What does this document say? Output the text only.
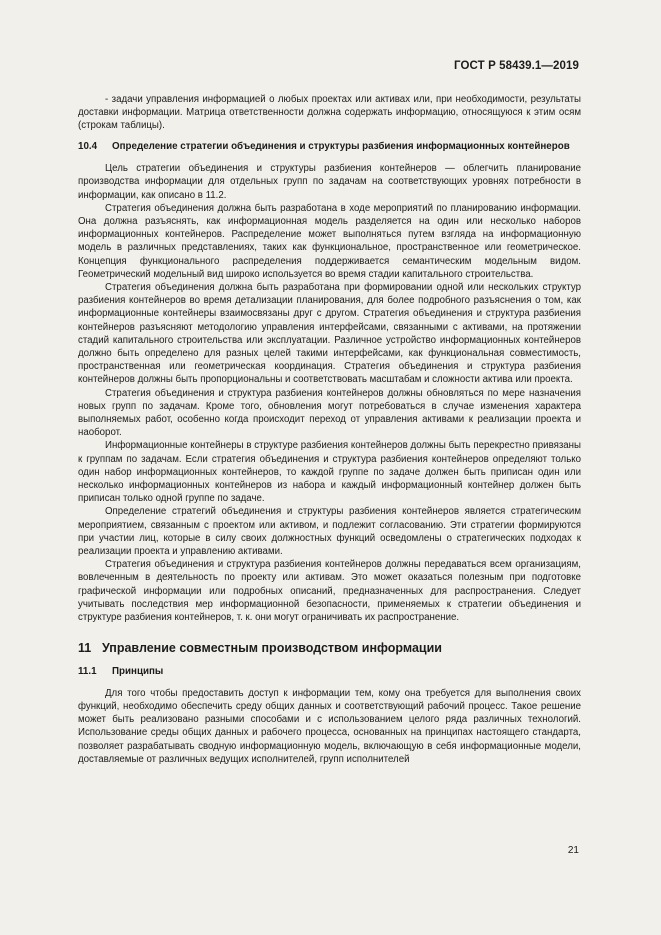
ГОСТ Р 58439.1—2019

- задачи управления информацией о любых проектах или активах или, при необходимости, результаты доставки информации. Матрица ответственности должна содержать информацию, относящуюся к этим осям (строкам таблицы).

10.4	Определение стратегии объединения и структуры разбиения информационных контейнеров

Цель стратегии объединения и структуры разбиения контейнеров — облегчить планирование производства информации для отдельных групп по задачам на соответствующих уровнях потребности в информации, как описано в 11.2.

Стратегия объединения должна быть разработана в ходе мероприятий по планированию информации. Она должна разъяснять, как информационная модель разделяется на один или несколько наборов информационных контейнеров. Распределение может выполняться путем взгляда на информационную модель в различных представлениях, таких как функциональное, пространственное или геометрическое. Концепция функционального распределения поддерживается семантическим модельным видом. Геометрический модельный вид широко используется во время стадии капитального строительства.

Стратегия объединения должна быть разработана при формировании одной или нескольких структур разбиения контейнеров во время детализации планирования, для более подробного разъяснения о том, как информационные контейнеры взаимосвязаны друг с другом. Стратегия объединения и структура разбиения контейнеров разъясняют методологию управления интерфейсами, связанными с активами, на протяжении стадий капитального строительства или эксплуатации. Различное устройство информационных контейнеров должно быть определено для разных целей такими интерфейсами, как функциональная совместимость, пространственная или геометрическая координация. Стратегия объединения и структура разбиения контейнеров должны быть пропорциональны и соответствовать масштабам и сложности актива или проекта.

Стратегия объединения и структура разбиения контейнеров должны обновляться по мере назначения новых групп по задачам. Кроме того, обновления могут потребоваться в случае изменения характера выполняемых работ, особенно когда происходит переход от управления активами к реализации проекта и наоборот.

Информационные контейнеры в структуре разбиения контейнеров должны быть перекрестно привязаны к группам по задачам. Если стратегия объединения и структура разбиения контейнеров определяют только один набор информационных контейнеров, то каждой группе по задаче должен быть приписан один или несколько информационных контейнеров из набора и каждый информационный контейнер должен быть приписан только одной группе по задаче.

Определение стратегий объединения и структуры разбиения контейнеров является стратегическим мероприятием, связанным с проектом или активом, и подлежит согласованию. Эти стратегии формируются при участии лиц, которые в силу своих должностных функций осведомлены о стратегических подходах к реализации проекта и управлению активами.

Стратегия объединения и структура разбиения контейнеров должны передаваться всем организациям, вовлеченным в деятельность по проекту или активам. Это может оказаться полезным при подготовке графической информации или подробных описаний, предназначенных для распространения. Следует учитывать последствия мер информационной безопасности, применяемых к стратегии объединения и структуре разбиения контейнеров, т. к. они могут ограничивать их распространение.

11 Управление совместным производством информации
11.1	Принципы

Для того чтобы предоставить доступ к информации тем, кому она требуется для выполнения своих функций, необходимо обеспечить среду общих данных и соответствующий рабочий процесс. Такое решение может быть реализовано разными способами и с использованием целого ряда различных технологий. Использование среды общих данных и рабочего процесса, основанных на принципах настоящего стандарта, позволяет разрабатывать сводную информационную модель, включающую в себя информационные модели, доставляемые от различных ведущих исполнителей, групп исполнителей

21
